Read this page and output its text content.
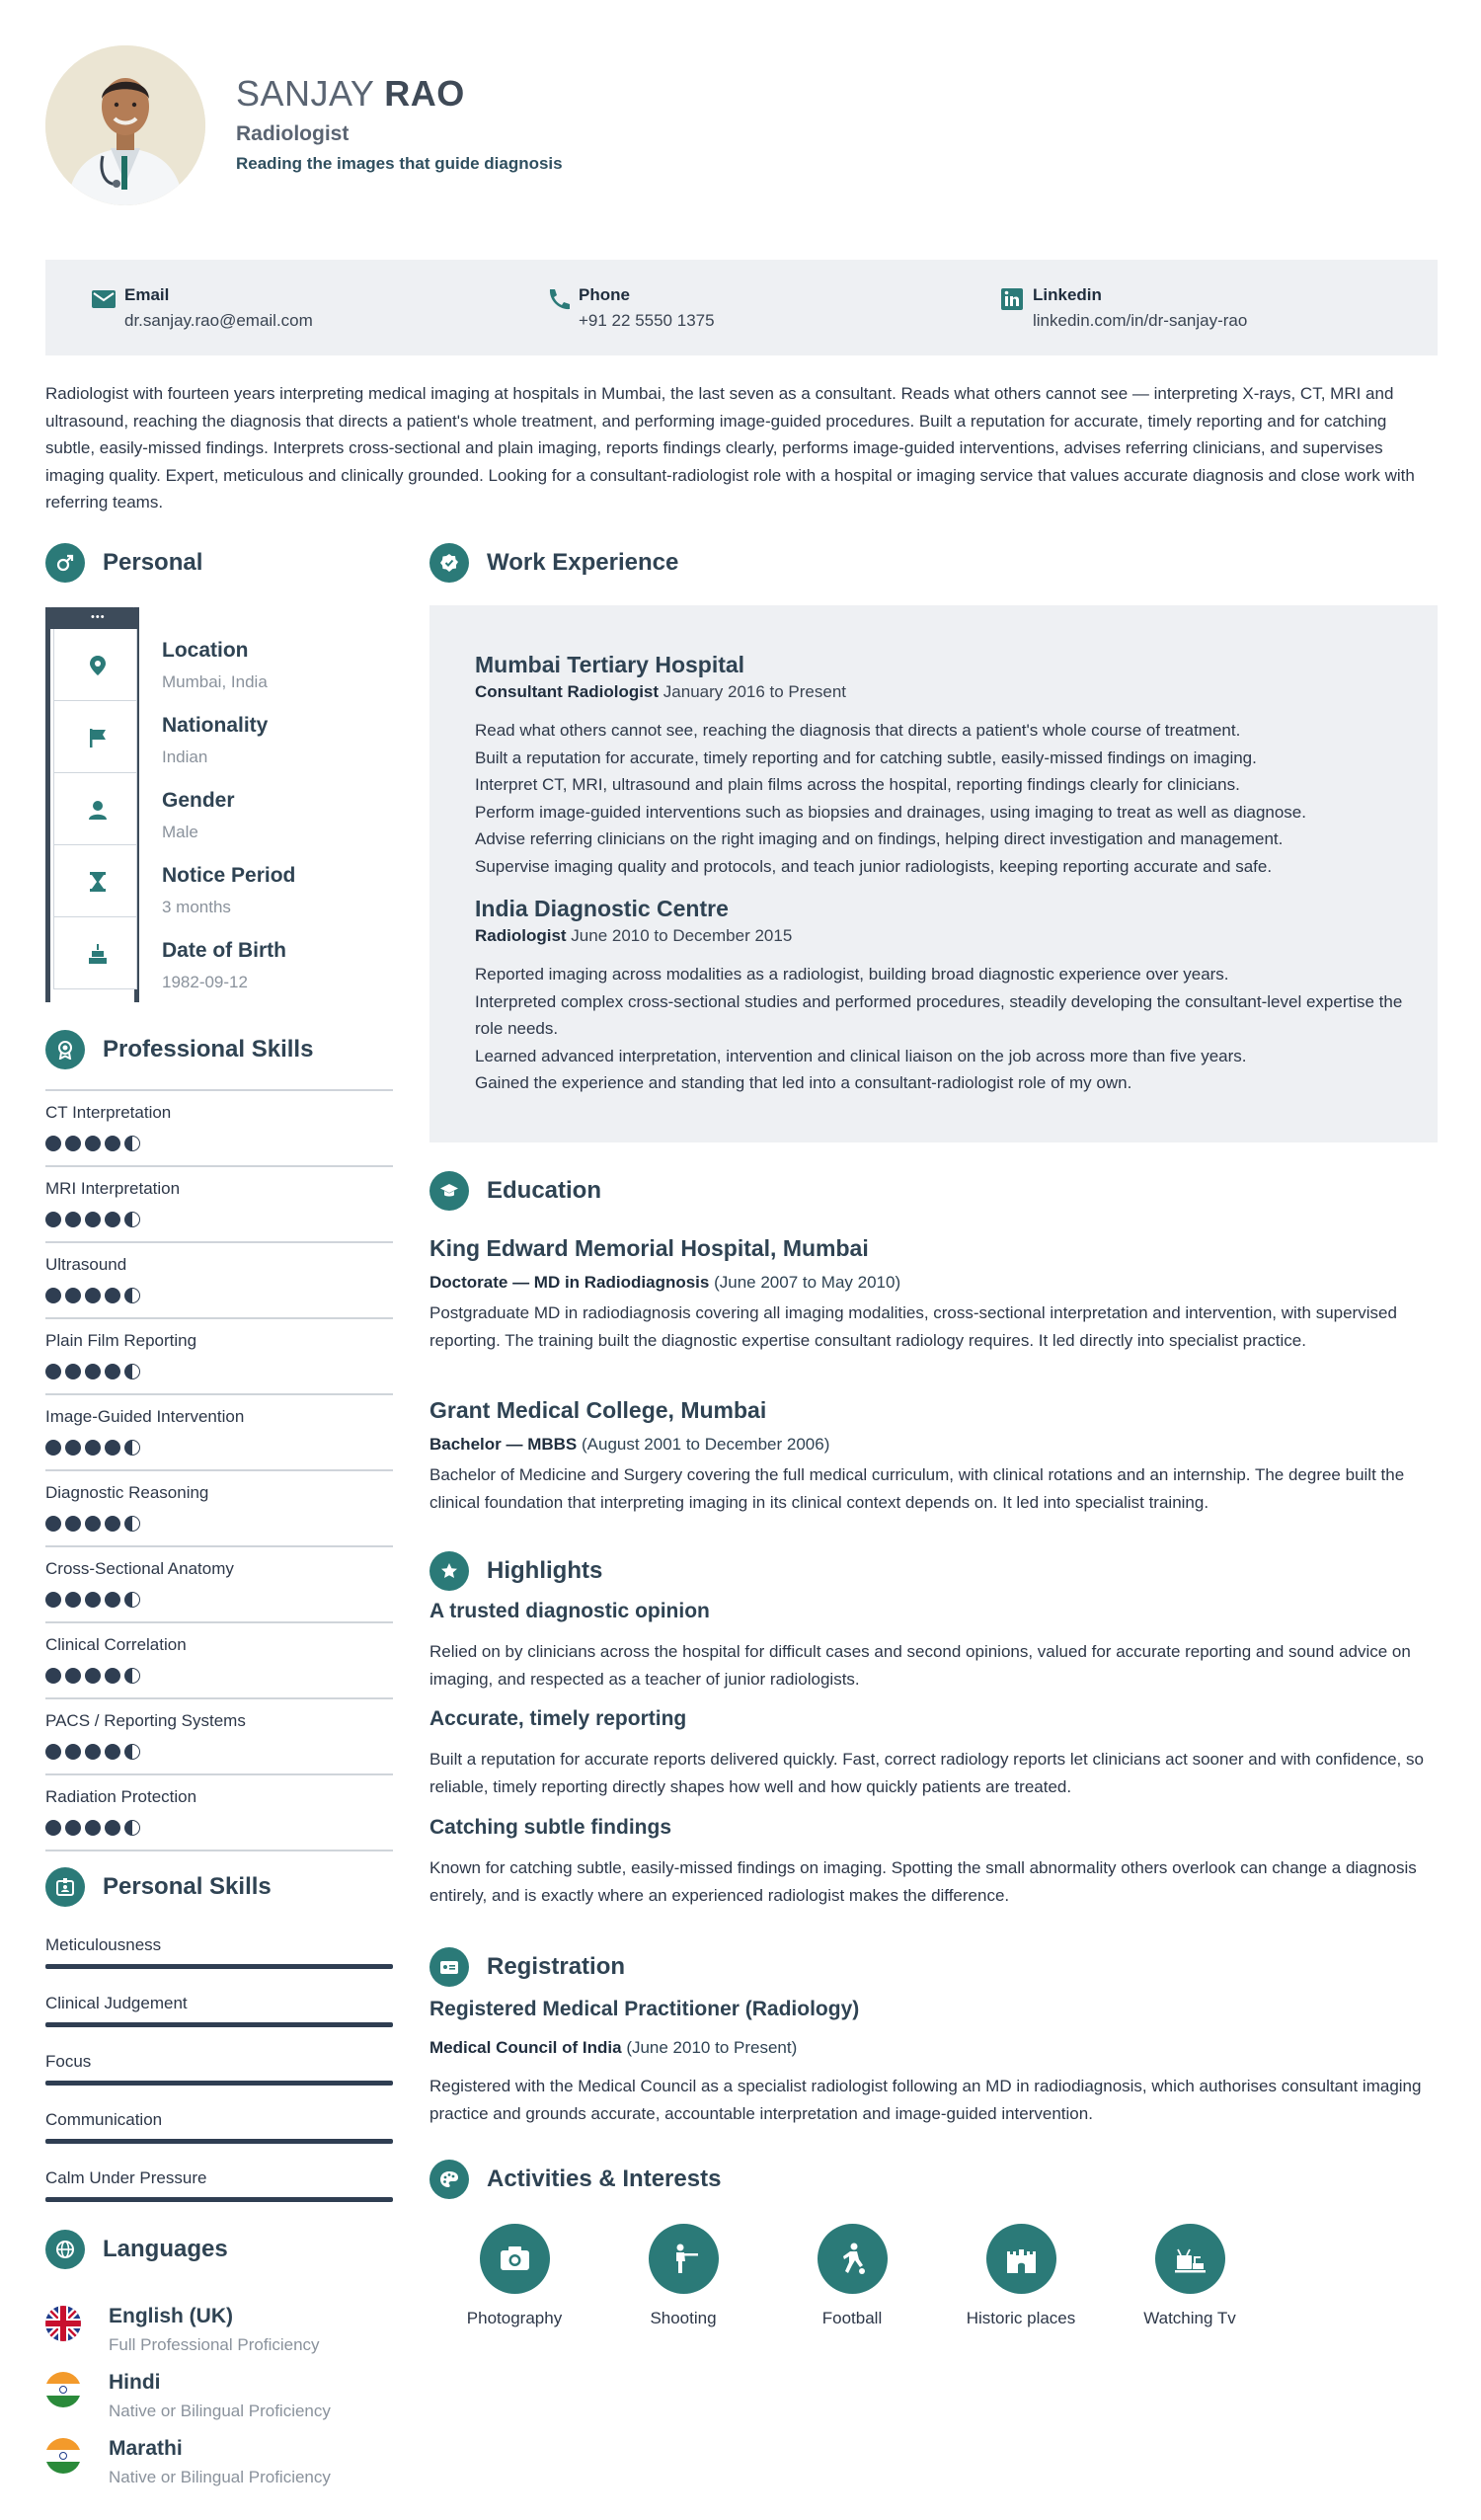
SANJAY RAO
Radiologist
Reading the images that guide diagnosis
Email
dr.sanjay.rao@email.com
Phone
+91 22 5550 1375
Linkedin
linkedin.com/in/dr-sanjay-rao
Radiologist with fourteen years interpreting medical imaging at hospitals in Mumbai, the last seven as a consultant. Reads what others cannot see — interpreting X-rays, CT, MRI and ultrasound, reaching the diagnosis that directs a patient's whole treatment, and performing image-guided procedures. Built a reputation for accurate, timely reporting and for catching subtle, easily-missed findings. Interprets cross-sectional and plain imaging, reports findings clearly, performs image-guided interventions, advises referring clinicians, and supervises imaging quality. Expert, meticulous and clinically grounded. Looking for a consultant-radiologist role with a hospital or imaging service that values accurate diagnosis and close work with referring teams.
Personal
•••
Location
Mumbai, India
Nationality
Indian
Gender
Male
Notice Period
3 months
Date of Birth
1982-09-12
Professional Skills
CT Interpretation
MRI Interpretation
Ultrasound
Plain Film Reporting
Image-Guided Intervention
Diagnostic Reasoning
Cross-Sectional Anatomy
Clinical Correlation
PACS / Reporting Systems
Radiation Protection
Personal Skills
Meticulousness
Clinical Judgement
Focus
Communication
Calm Under Pressure
Languages
English (UK)
Full Professional Proficiency
Hindi
Native or Bilingual Proficiency
Marathi
Native or Bilingual Proficiency
Work Experience
Mumbai Tertiary Hospital
Consultant Radiologist January 2016 to Present
Read what others cannot see, reaching the diagnosis that directs a patient's whole course of treatment.
Built a reputation for accurate, timely reporting and for catching subtle, easily-missed findings on imaging.
Interpret CT, MRI, ultrasound and plain films across the hospital, reporting findings clearly for clinicians.
Perform image-guided interventions such as biopsies and drainages, using imaging to treat as well as diagnose.
Advise referring clinicians on the right imaging and on findings, helping direct investigation and management.
Supervise imaging quality and protocols, and teach junior radiologists, keeping reporting accurate and safe.
India Diagnostic Centre
Radiologist June 2010 to December 2015
Reported imaging across modalities as a radiologist, building broad diagnostic experience over years.
Interpreted complex cross-sectional studies and performed procedures, steadily developing the consultant-level expertise the role needs.
Learned advanced interpretation, intervention and clinical liaison on the job across more than five years.
Gained the experience and standing that led into a consultant-radiologist role of my own.
Education
King Edward Memorial Hospital, Mumbai
Doctorate — MD in Radiodiagnosis (June 2007 to May 2010)
Postgraduate MD in radiodiagnosis covering all imaging modalities, cross-sectional interpretation and intervention, with supervised reporting. The training built the diagnostic expertise consultant radiology requires. It led directly into specialist practice.
Grant Medical College, Mumbai
Bachelor — MBBS (August 2001 to December 2006)
Bachelor of Medicine and Surgery covering the full medical curriculum, with clinical rotations and an internship. The degree built the clinical foundation that interpreting imaging in its clinical context depends on. It led into specialist training.
Highlights
A trusted diagnostic opinion
Relied on by clinicians across the hospital for difficult cases and second opinions, valued for accurate reporting and sound advice on imaging, and respected as a teacher of junior radiologists.
Accurate, timely reporting
Built a reputation for accurate reports delivered quickly. Fast, correct radiology reports let clinicians act sooner and with confidence, so reliable, timely reporting directly shapes how well and how quickly patients are treated.
Catching subtle findings
Known for catching subtle, easily-missed findings on imaging. Spotting the small abnormality others overlook can change a diagnosis entirely, and is exactly where an experienced radiologist makes the difference.
Registration
Registered Medical Practitioner (Radiology)
Medical Council of India (June 2010 to Present)
Registered with the Medical Council as a specialist radiologist following an MD in radiodiagnosis, which authorises consultant imaging practice and grounds accurate, accountable interpretation and image-guided intervention.
Activities & Interests
Photography	Shooting	Football	Historic places	Watching Tv
